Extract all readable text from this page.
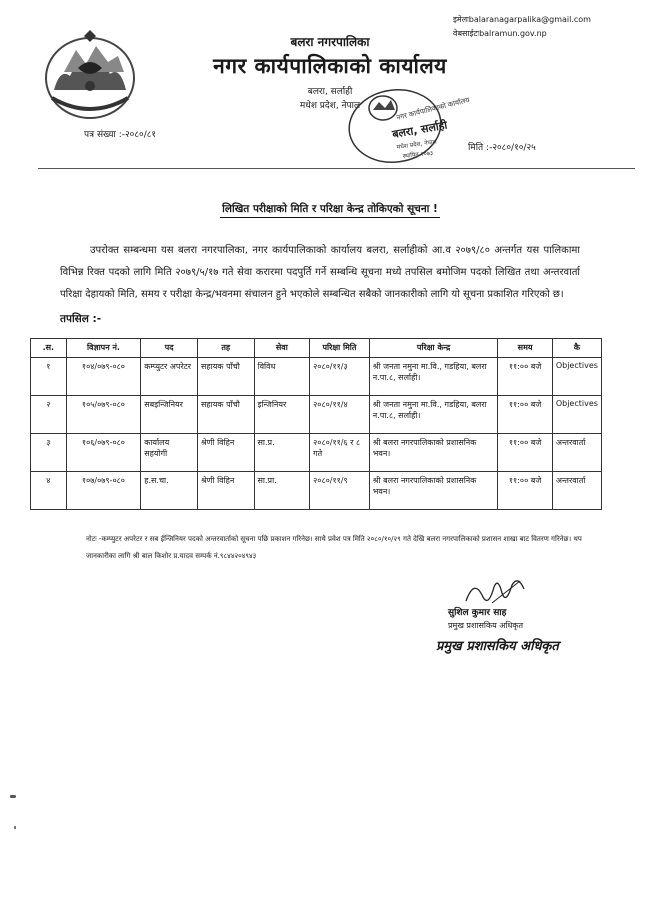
इमेलःbalaranagarpalika@gmail.com
वेबसाईटःbalramun.gov.np
बलरा नगरपालिका
नगर कार्यपालिकाको कार्यालय
बलरा, सर्लाही
मधेश प्रदेश, नेपाल	नगर कार्यपालिकाको कार्यालय
बलरा, सर्लाही
मधेश प्रदेश, नेपाल
स्थापित २०७३
पत्र संख्या :-२०८०/८१
मिति :-२०८०/१०/२५
लिखित परीक्षाको मिति र परिक्षा केन्द्र तोकिएको सूचना !
उपरोक्त सम्बन्धमा यस बलरा नगरपालिका, नगर कार्यपालिकाको कार्यालय बलरा, सर्लाहीको आ.व २०७९/८० अन्तर्गत यस पालिकामा विभिन्न रिक्त पदको लागि मिति २०७९/५/१७ गते सेवा करारमा पदपुर्ति गर्ने सम्बन्धि सूचना मध्ये तपसिल बमोजिम पदको लिखित तथा अन्तरवार्ता परिक्षा देहायको मिति, समय र परीक्षा केन्द्र/भवनमा संचालन हुने भएकोले सम्बन्धित सबैको जानकारीको लागि यो सूचना प्रकाशित गरिएको छ।
तपसिल :-
.स.	विज्ञापन नं.	पद	तह	सेवा	परिक्षा मिति	परिक्षा केन्द्र	समय	कै
१	१०४/०७९-०८०	कम्प्युटर अपरेटर	सहायक पाँचौ	विविध	२०८०/११/३	श्री जनता नमुना मा.वि., गडहिया, बलरा न.पा.८, सर्लाही।	११:०० बजे	Objectives
२	१०५/०७९-०८०	सबइन्जिनियर	सहायक पाँचौ	इन्जिनियर	२०८०/११/४	श्री जनता नमुना मा.वि., गडहिया, बलरा न.पा.८, सर्लाही।	११:०० बजे	Objectives
३	१०६/०७९-०८०	कार्यालय सहयोगी	श्रेणी विहिन	सा.प्र.	२०८०/११/६ र ८ गते	श्री बलरा नगरपालिकाको प्रशासनिक भवन।	११:०० बजे	अन्तरवार्ता
४	१०७/०७९-०८०	ह.स.चा.	श्रेणी विहिन	सा.प्रा.	२०८०/११/९	श्री बलरा नगरपालिकाको प्रशासनिक भवन।	११:०० बजे	अन्तरवार्ता
नोटः -कम्प्युटर अपरेटर र सब ईन्जिनियर पदको अन्तरवार्ताको सूचना पछि प्रकाशन गरिनेछ। साथै प्रवेश पत्र मिति २०८०/१०/२९ गते देखि बलरा नगरपालिकाको प्रशासन शाखा बाट वितरण गरिनेछ। थप जानकारीका लागि श्री बाल किशोर प्र.यादव सम्पर्क नं.९८४४२०४९४३
सुशिल कुमार साह
प्रमुख प्रशासकिय अधिकृत
प्रमुख प्रशासकिय अधिकृत
